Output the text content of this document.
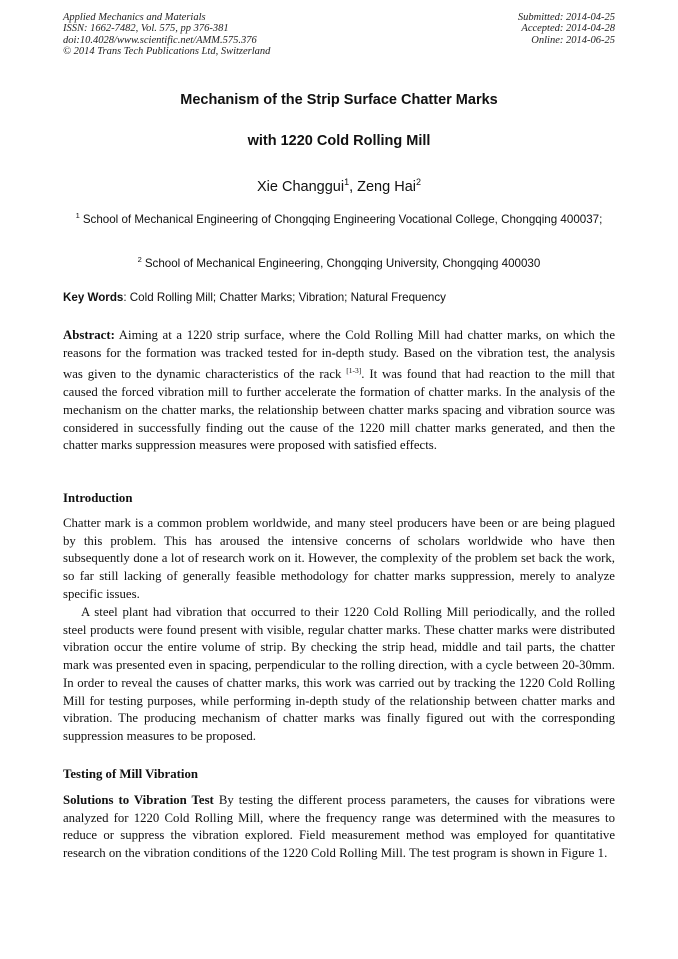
Applied Mechanics and Materials
ISSN: 1662-7482, Vol. 575, pp 376-381
doi:10.4028/www.scientific.net/AMM.575.376
© 2014 Trans Tech Publications Ltd, Switzerland
Submitted: 2014-04-25
Accepted: 2014-04-28
Online: 2014-06-25
Mechanism of the Strip Surface Chatter Marks
with 1220 Cold Rolling Mill
Xie Changgui$^1$, Zeng Hai$^2$
$^1$ School of Mechanical Engineering of Chongqing Engineering Vocational College, Chongqing 400037;
$^2$ School of Mechanical Engineering, Chongqing University, Chongqing 400030
Key Words: Cold Rolling Mill; Chatter Marks; Vibration; Natural Frequency
Abstract: Aiming at a 1220 strip surface, where the Cold Rolling Mill had chatter marks, on which the reasons for the formation was tracked tested for in-depth study. Based on the vibration test, the analysis was given to the dynamic characteristics of the rack [1-3]. It was found that had reaction to the mill that caused the forced vibration mill to further accelerate the formation of chatter marks. In the analysis of the mechanism on the chatter marks, the relationship between chatter marks spacing and vibration source was considered in successfully finding out the cause of the 1220 mill chatter marks generated, and then the chatter marks suppression measures were proposed with satisfied effects.
Introduction
Chatter mark is a common problem worldwide, and many steel producers have been or are being plagued by this problem. This has aroused the intensive concerns of scholars worldwide who have then subsequently done a lot of research work on it. However, the complexity of the problem set back the work, so far still lacking of generally feasible methodology for chatter marks suppression, merely to analyze specific issues.
A steel plant had vibration that occurred to their 1220 Cold Rolling Mill periodically, and the rolled steel products were found present with visible, regular chatter marks. These chatter marks were distributed vibration occur the entire volume of strip. By checking the strip head, middle and tail parts, the chatter mark was presented even in spacing, perpendicular to the rolling direction, with a cycle between 20-30mm. In order to reveal the causes of chatter marks, this work was carried out by tracking the 1220 Cold Rolling Mill for testing purposes, while performing in-depth study of the relationship between chatter marks and vibration. The producing mechanism of chatter marks was finally figured out with the corresponding suppression measures to be proposed.
Testing of Mill Vibration
Solutions to Vibration Test By testing the different process parameters, the causes for vibrations were analyzed for 1220 Cold Rolling Mill, where the frequency range was determined with the measures to reduce or suppress the vibration explored. Field measurement method was employed for quantitative research on the vibration conditions of the 1220 Cold Rolling Mill. The test program is shown in Figure 1.
